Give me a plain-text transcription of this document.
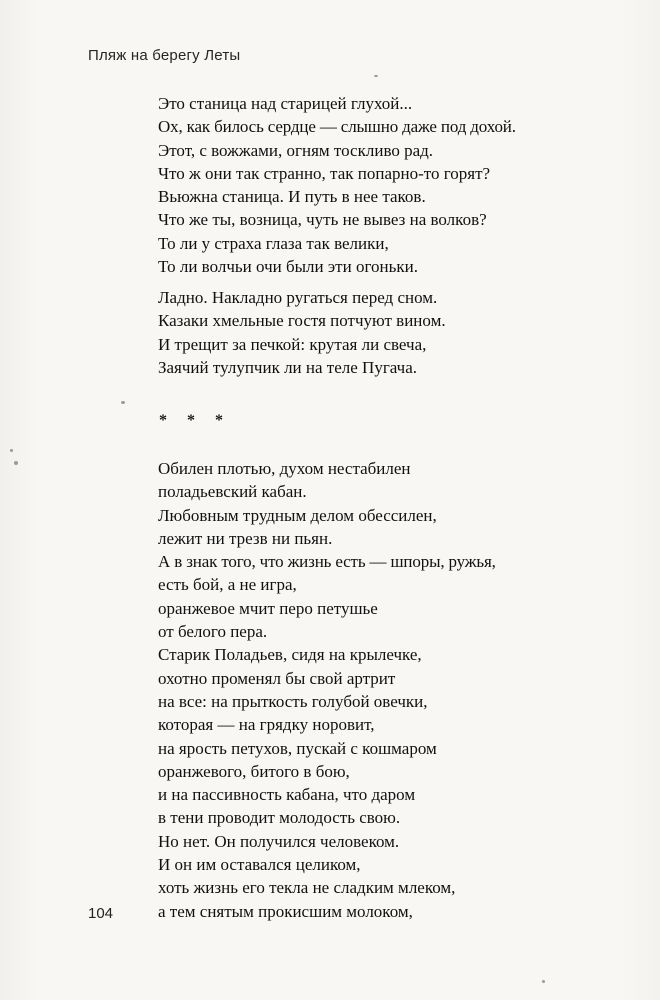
Пляж на берегу Леты
Это станица над старицей глухой...
Ох, как билось сердце — слышно даже под дохой.
Этот, с вожжами, огням тоскливо рад.
Что ж они так странно, так попарно-то горят?
Вьюжна станица. И путь в нее таков.
Что же ты, возница, чуть не вывез на волков?
То ли у страха глаза так велики,
То ли волчьи очи были эти огоньки.
Ладно. Накладно ругаться перед сном.
Казаки хмельные гостя потчуют вином.
И трещит за печкой: крутая ли свеча,
Заячий тулупчик ли на теле Пугача.
* * *
Обилен плотью, духом нестабилен
поладьевский кабан.
Любовным трудным делом обессилен,
лежит ни трезв ни пьян.
А в знак того, что жизнь есть — шпоры, ружья,
есть бой, а не игра,
оранжевое мчит перо петушье
от белого пера.
Старик Поладьев, сидя на крылечке,
охотно променял бы свой артрит
на все: на прыткость голубой овечки,
которая — на грядку норовит,
на ярость петухов, пускай с кошмаром
оранжевого, битого в бою,
и на пассивность кабана, что даром
в тени проводит молодость свою.
Но нет. Он получился человеком.
И он им оставался целиком,
хоть жизнь его текла не сладким млеком,
а тем снятым прокисшим молоком,
104
